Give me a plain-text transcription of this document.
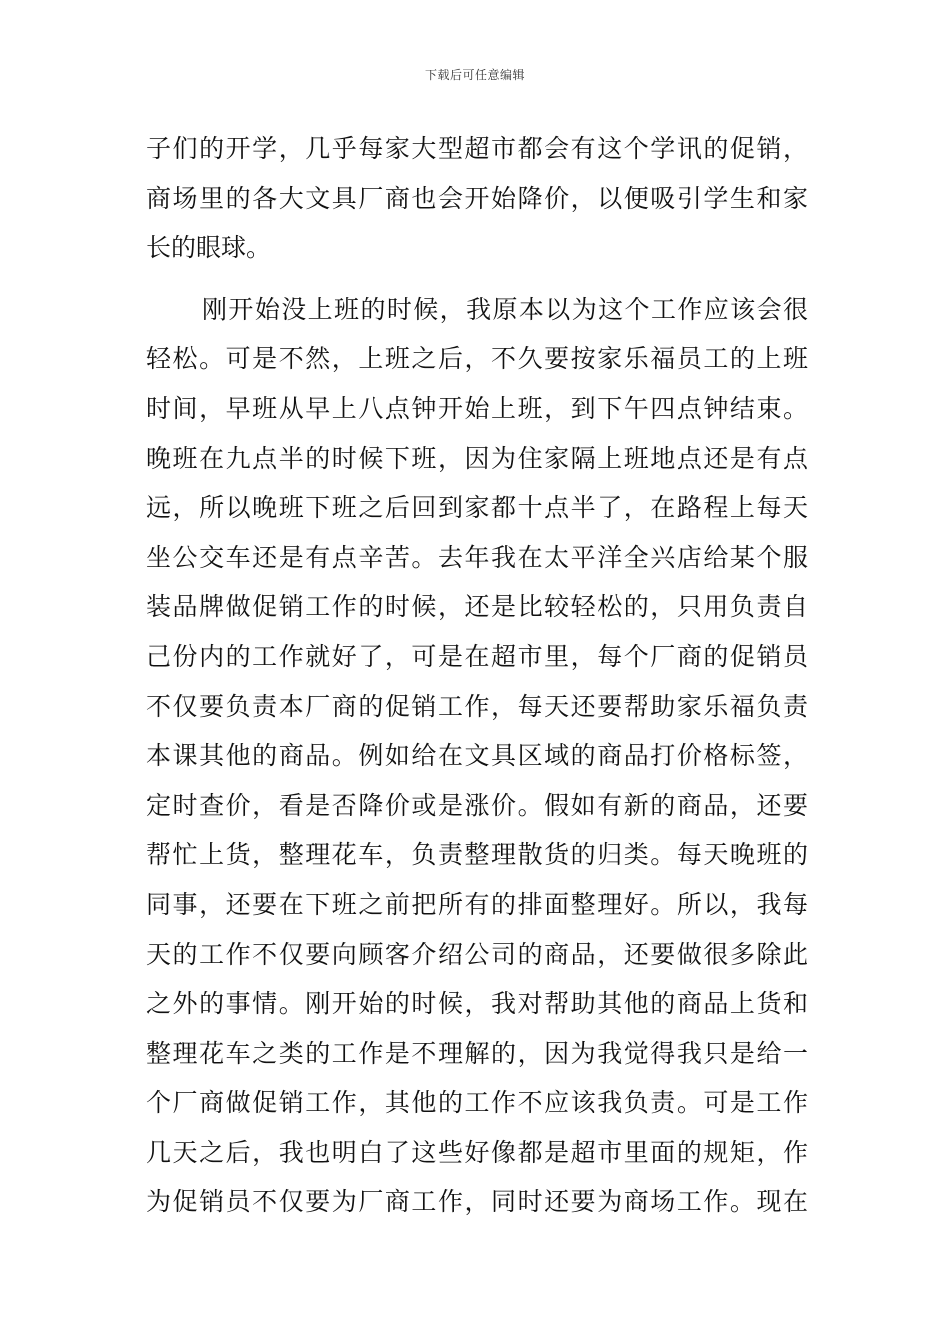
下载后可任意编辑
子们的开学，几乎每家大型超市都会有这个学讯的促销，
商场里的各大文具厂商也会开始降价，以便吸引学生和家
长的眼球。
刚开始没上班的时候，我原本以为这个工作应该会很
轻松。可是不然，上班之后，不久要按家乐福员工的上班
时间，早班从早上八点钟开始上班，到下午四点钟结束。
晚班在九点半的时候下班，因为住家隔上班地点还是有点
远，所以晚班下班之后回到家都十点半了，在路程上每天
坐公交车还是有点辛苦。去年我在太平洋全兴店给某个服
装品牌做促销工作的时候，还是比较轻松的，只用负责自
己份内的工作就好了，可是在超市里，每个厂商的促销员
不仅要负责本厂商的促销工作，每天还要帮助家乐福负责
本课其他的商品。例如给在文具区域的商品打价格标签，
定时查价，看是否降价或是涨价。假如有新的商品，还要
帮忙上货，整理花车，负责整理散货的归类。每天晚班的
同事，还要在下班之前把所有的排面整理好。所以，我每
天的工作不仅要向顾客介绍公司的商品，还要做很多除此
之外的事情。刚开始的时候，我对帮助其他的商品上货和
整理花车之类的工作是不理解的，因为我觉得我只是给一
个厂商做促销工作，其他的工作不应该我负责。可是工作
几天之后，我也明白了这些好像都是超市里面的规矩，作
为促销员不仅要为厂商工作，同时还要为商场工作。现在
